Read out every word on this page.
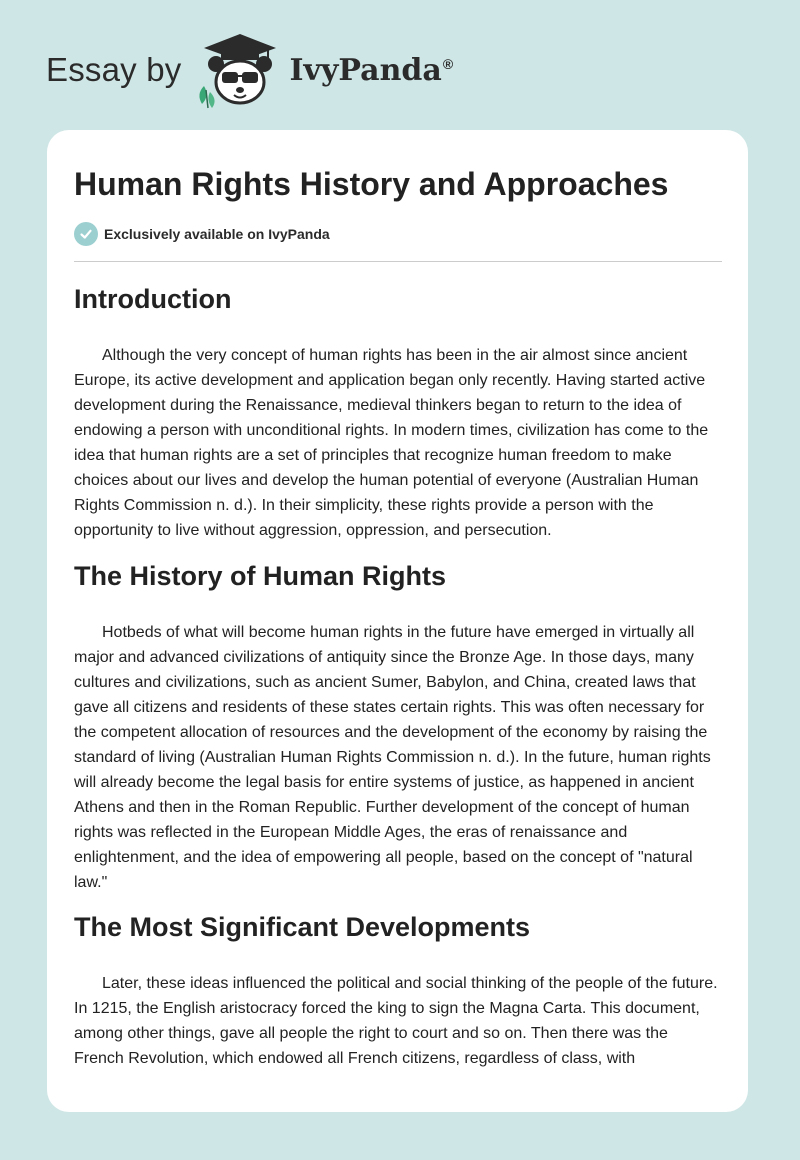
Essay by	IvyPanda®
Human Rights History and Approaches
Exclusively available on IvyPanda
Introduction

Although the very concept of human rights has been in the air almost since ancient Europe, its active development and application began only recently. Having started active development during the Renaissance, medieval thinkers began to return to the idea of endowing a person with unconditional rights. In modern times, civilization has come to the idea that human rights are a set of principles that recognize human freedom to make choices about our lives and develop the human potential of everyone (Australian Human Rights Commission n. d.). In their simplicity, these rights provide a person with the opportunity to live without aggression, oppression, and persecution.

The History of Human Rights

Hotbeds of what will become human rights in the future have emerged in virtually all major and advanced civilizations of antiquity since the Bronze Age. In those days, many cultures and civilizations, such as ancient Sumer, Babylon, and China, created laws that gave all citizens and residents of these states certain rights. This was often necessary for the competent allocation of resources and the development of the economy by raising the standard of living (Australian Human Rights Commission n. d.). In the future, human rights will already become the legal basis for entire systems of justice, as happened in ancient Athens and then in the Roman Republic. Further development of the concept of human rights was reflected in the European Middle Ages, the eras of renaissance and enlightenment, and the idea of empowering all people, based on the concept of "natural law."

The Most Significant Developments

Later, these ideas influenced the political and social thinking of the people of the future. In 1215, the English aristocracy forced the king to sign the Magna Carta. This document, among other things, gave all people the right to court and so on. Then there was the French Revolution, which endowed all French citizens, regardless of class, with
